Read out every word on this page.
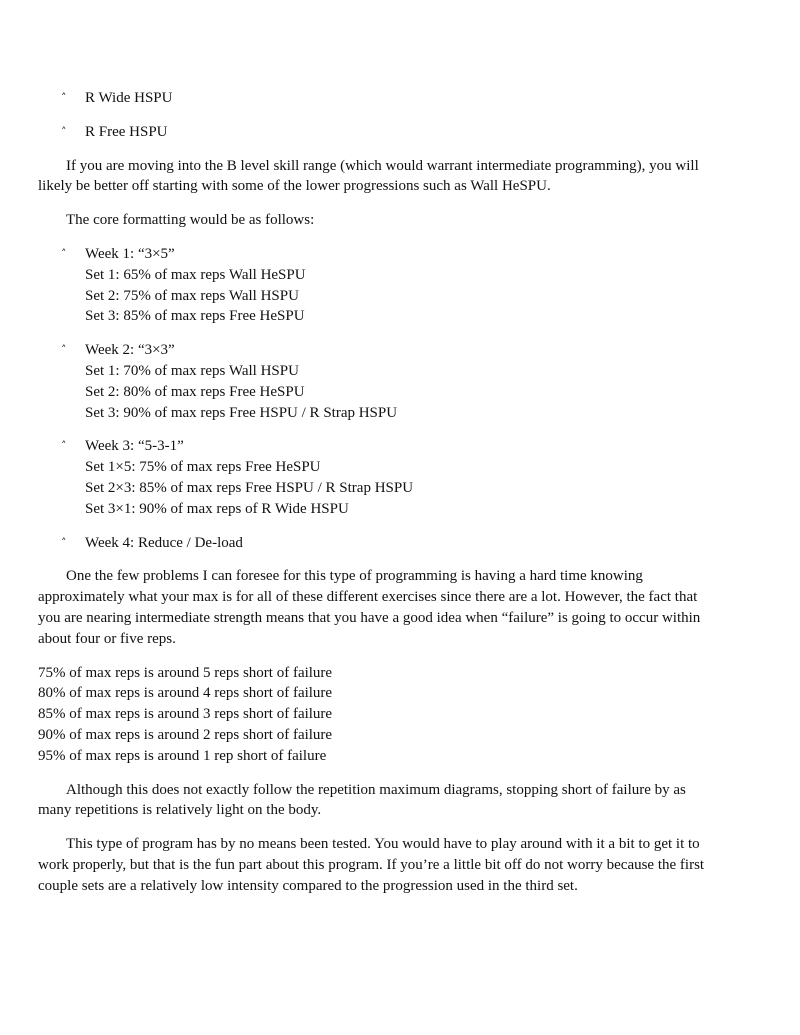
˄ R Wide HSPU
˄ R Free HSPU

If you are moving into the B level skill range (which would warrant intermediate programming), you will likely be better off starting with some of the lower progressions such as Wall HeSPU.

The core formatting would be as follows:

˄ Week 1: “3×5”
Set 1: 65% of max reps Wall HeSPU
Set 2: 75% of max reps Wall HSPU
Set 3: 85% of max reps Free HeSPU
˄ Week 2: “3×3”
Set 1: 70% of max reps Wall HSPU
Set 2: 80% of max reps Free HeSPU
Set 3: 90% of max reps Free HSPU / R Strap HSPU
˄ Week 3: “5-3-1”
Set 1×5: 75% of max reps Free HeSPU
Set 2×3: 85% of max reps Free HSPU / R Strap HSPU
Set 3×1: 90% of max reps of R Wide HSPU
˄ Week 4: Reduce / De-load

One the few problems I can foresee for this type of programming is having a hard time knowing approximately what your max is for all of these different exercises since there are a lot. However, the fact that you are nearing intermediate strength means that you have a good idea when “failure” is going to occur within about four or five reps.

75% of max reps is around 5 reps short of failure
80% of max reps is around 4 reps short of failure
85% of max reps is around 3 reps short of failure
90% of max reps is around 2 reps short of failure
95% of max reps is around 1 rep short of failure

Although this does not exactly follow the repetition maximum diagrams, stopping short of failure by as many repetitions is relatively light on the body.

This type of program has by no means been tested. You would have to play around with it a bit to get it to work properly, but that is the fun part about this program. If you’re a little bit off do not worry because the first couple sets are a relatively low intensity compared to the progression used in the third set.
